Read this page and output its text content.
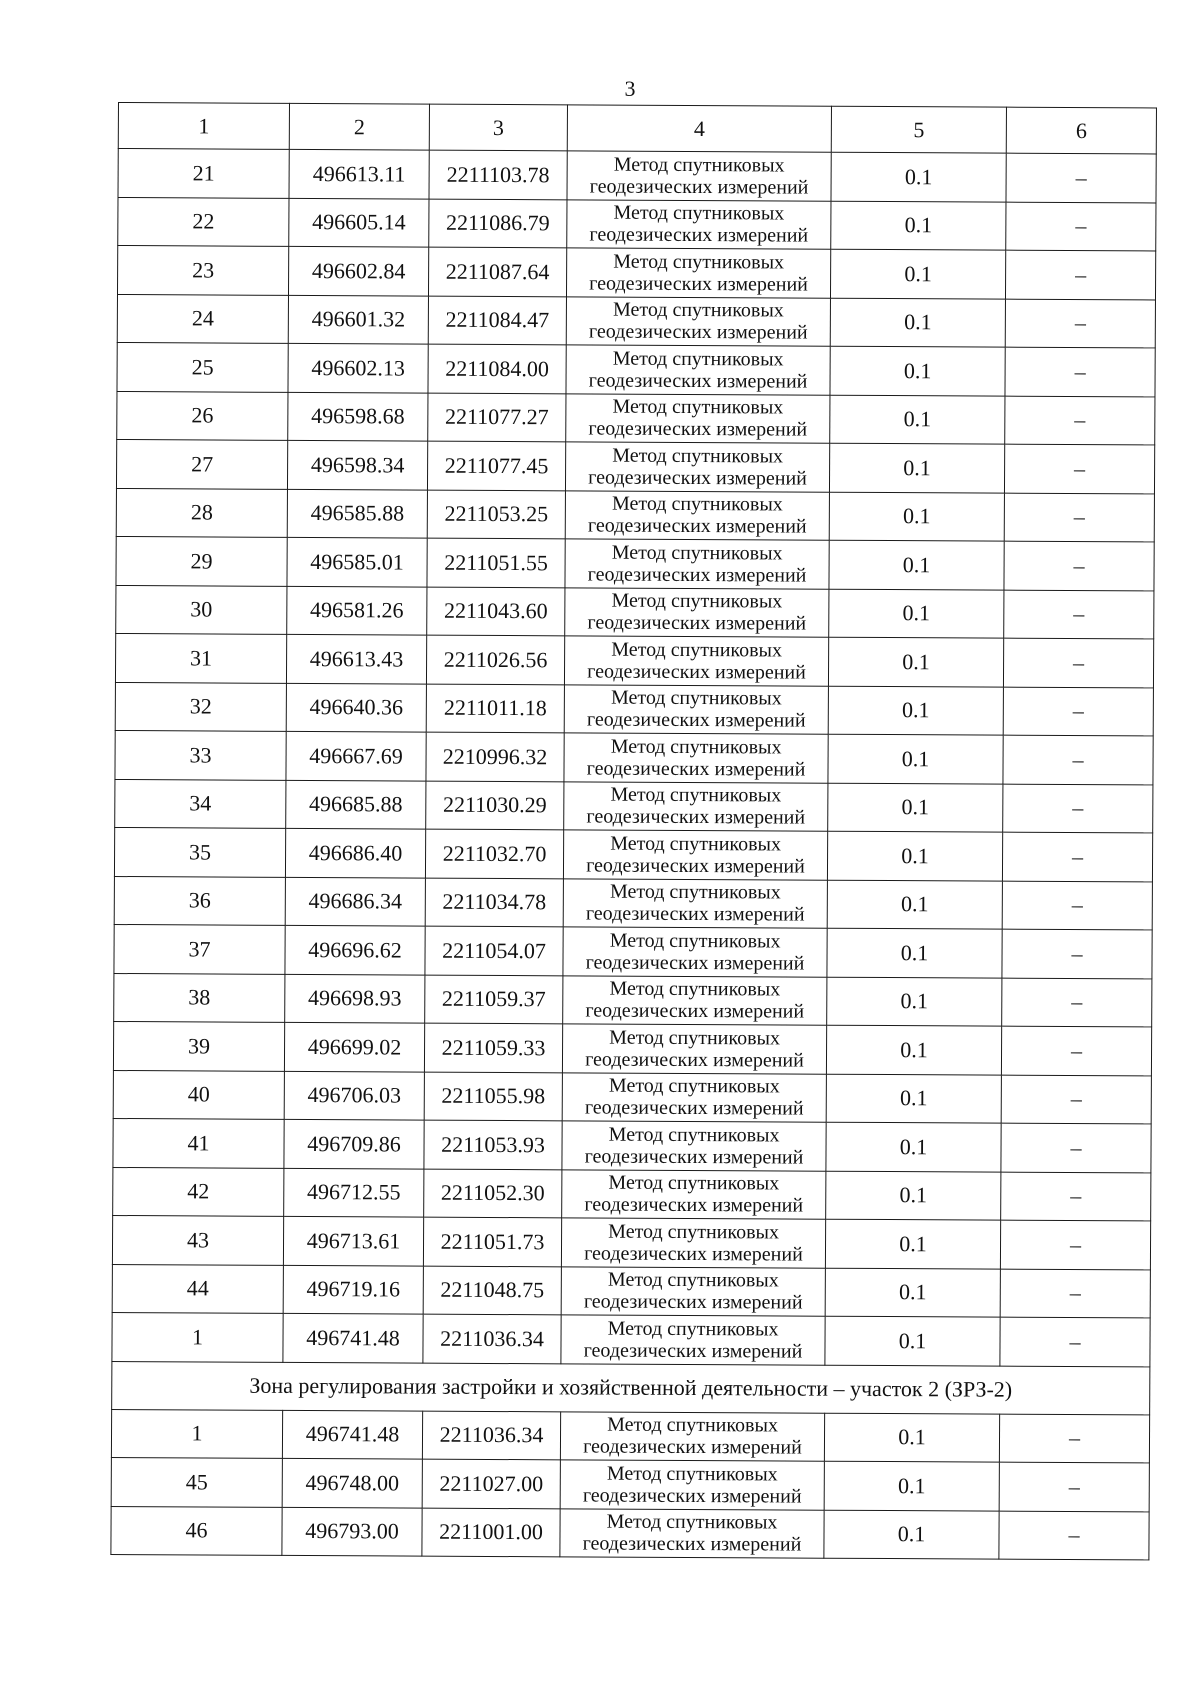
3
1	2	3	4	5	6
21	496613.11	2211103.78	Метод спутниковых
геодезических измерений	0.1	–
22	496605.14	2211086.79	Метод спутниковых
геодезических измерений	0.1	–
23	496602.84	2211087.64	Метод спутниковых
геодезических измерений	0.1	–
24	496601.32	2211084.47	Метод спутниковых
геодезических измерений	0.1	–
25	496602.13	2211084.00	Метод спутниковых
геодезических измерений	0.1	–
26	496598.68	2211077.27	Метод спутниковых
геодезических измерений	0.1	–
27	496598.34	2211077.45	Метод спутниковых
геодезических измерений	0.1	–
28	496585.88	2211053.25	Метод спутниковых
геодезических измерений	0.1	–
29	496585.01	2211051.55	Метод спутниковых
геодезических измерений	0.1	–
30	496581.26	2211043.60	Метод спутниковых
геодезических измерений	0.1	–
31	496613.43	2211026.56	Метод спутниковых
геодезических измерений	0.1	–
32	496640.36	2211011.18	Метод спутниковых
геодезических измерений	0.1	–
33	496667.69	2210996.32	Метод спутниковых
геодезических измерений	0.1	–
34	496685.88	2211030.29	Метод спутниковых
геодезических измерений	0.1	–
35	496686.40	2211032.70	Метод спутниковых
геодезических измерений	0.1	–
36	496686.34	2211034.78	Метод спутниковых
геодезических измерений	0.1	–
37	496696.62	2211054.07	Метод спутниковых
геодезических измерений	0.1	–
38	496698.93	2211059.37	Метод спутниковых
геодезических измерений	0.1	–
39	496699.02	2211059.33	Метод спутниковых
геодезических измерений	0.1	–
40	496706.03	2211055.98	Метод спутниковых
геодезических измерений	0.1	–
41	496709.86	2211053.93	Метод спутниковых
геодезических измерений	0.1	–
42	496712.55	2211052.30	Метод спутниковых
геодезических измерений	0.1	–
43	496713.61	2211051.73	Метод спутниковых
геодезических измерений	0.1	–
44	496719.16	2211048.75	Метод спутниковых
геодезических измерений	0.1	–
1	496741.48	2211036.34	Метод спутниковых
геодезических измерений	0.1	–
Зона регулирования застройки и хозяйственной деятельности – участок 2 (ЗРЗ-2)					
1	496741.48	2211036.34	Метод спутниковых
геодезических измерений	0.1	–
45	496748.00	2211027.00	Метод спутниковых
геодезических измерений	0.1	–
46	496793.00	2211001.00	Метод спутниковых
геодезических измерений	0.1	–
